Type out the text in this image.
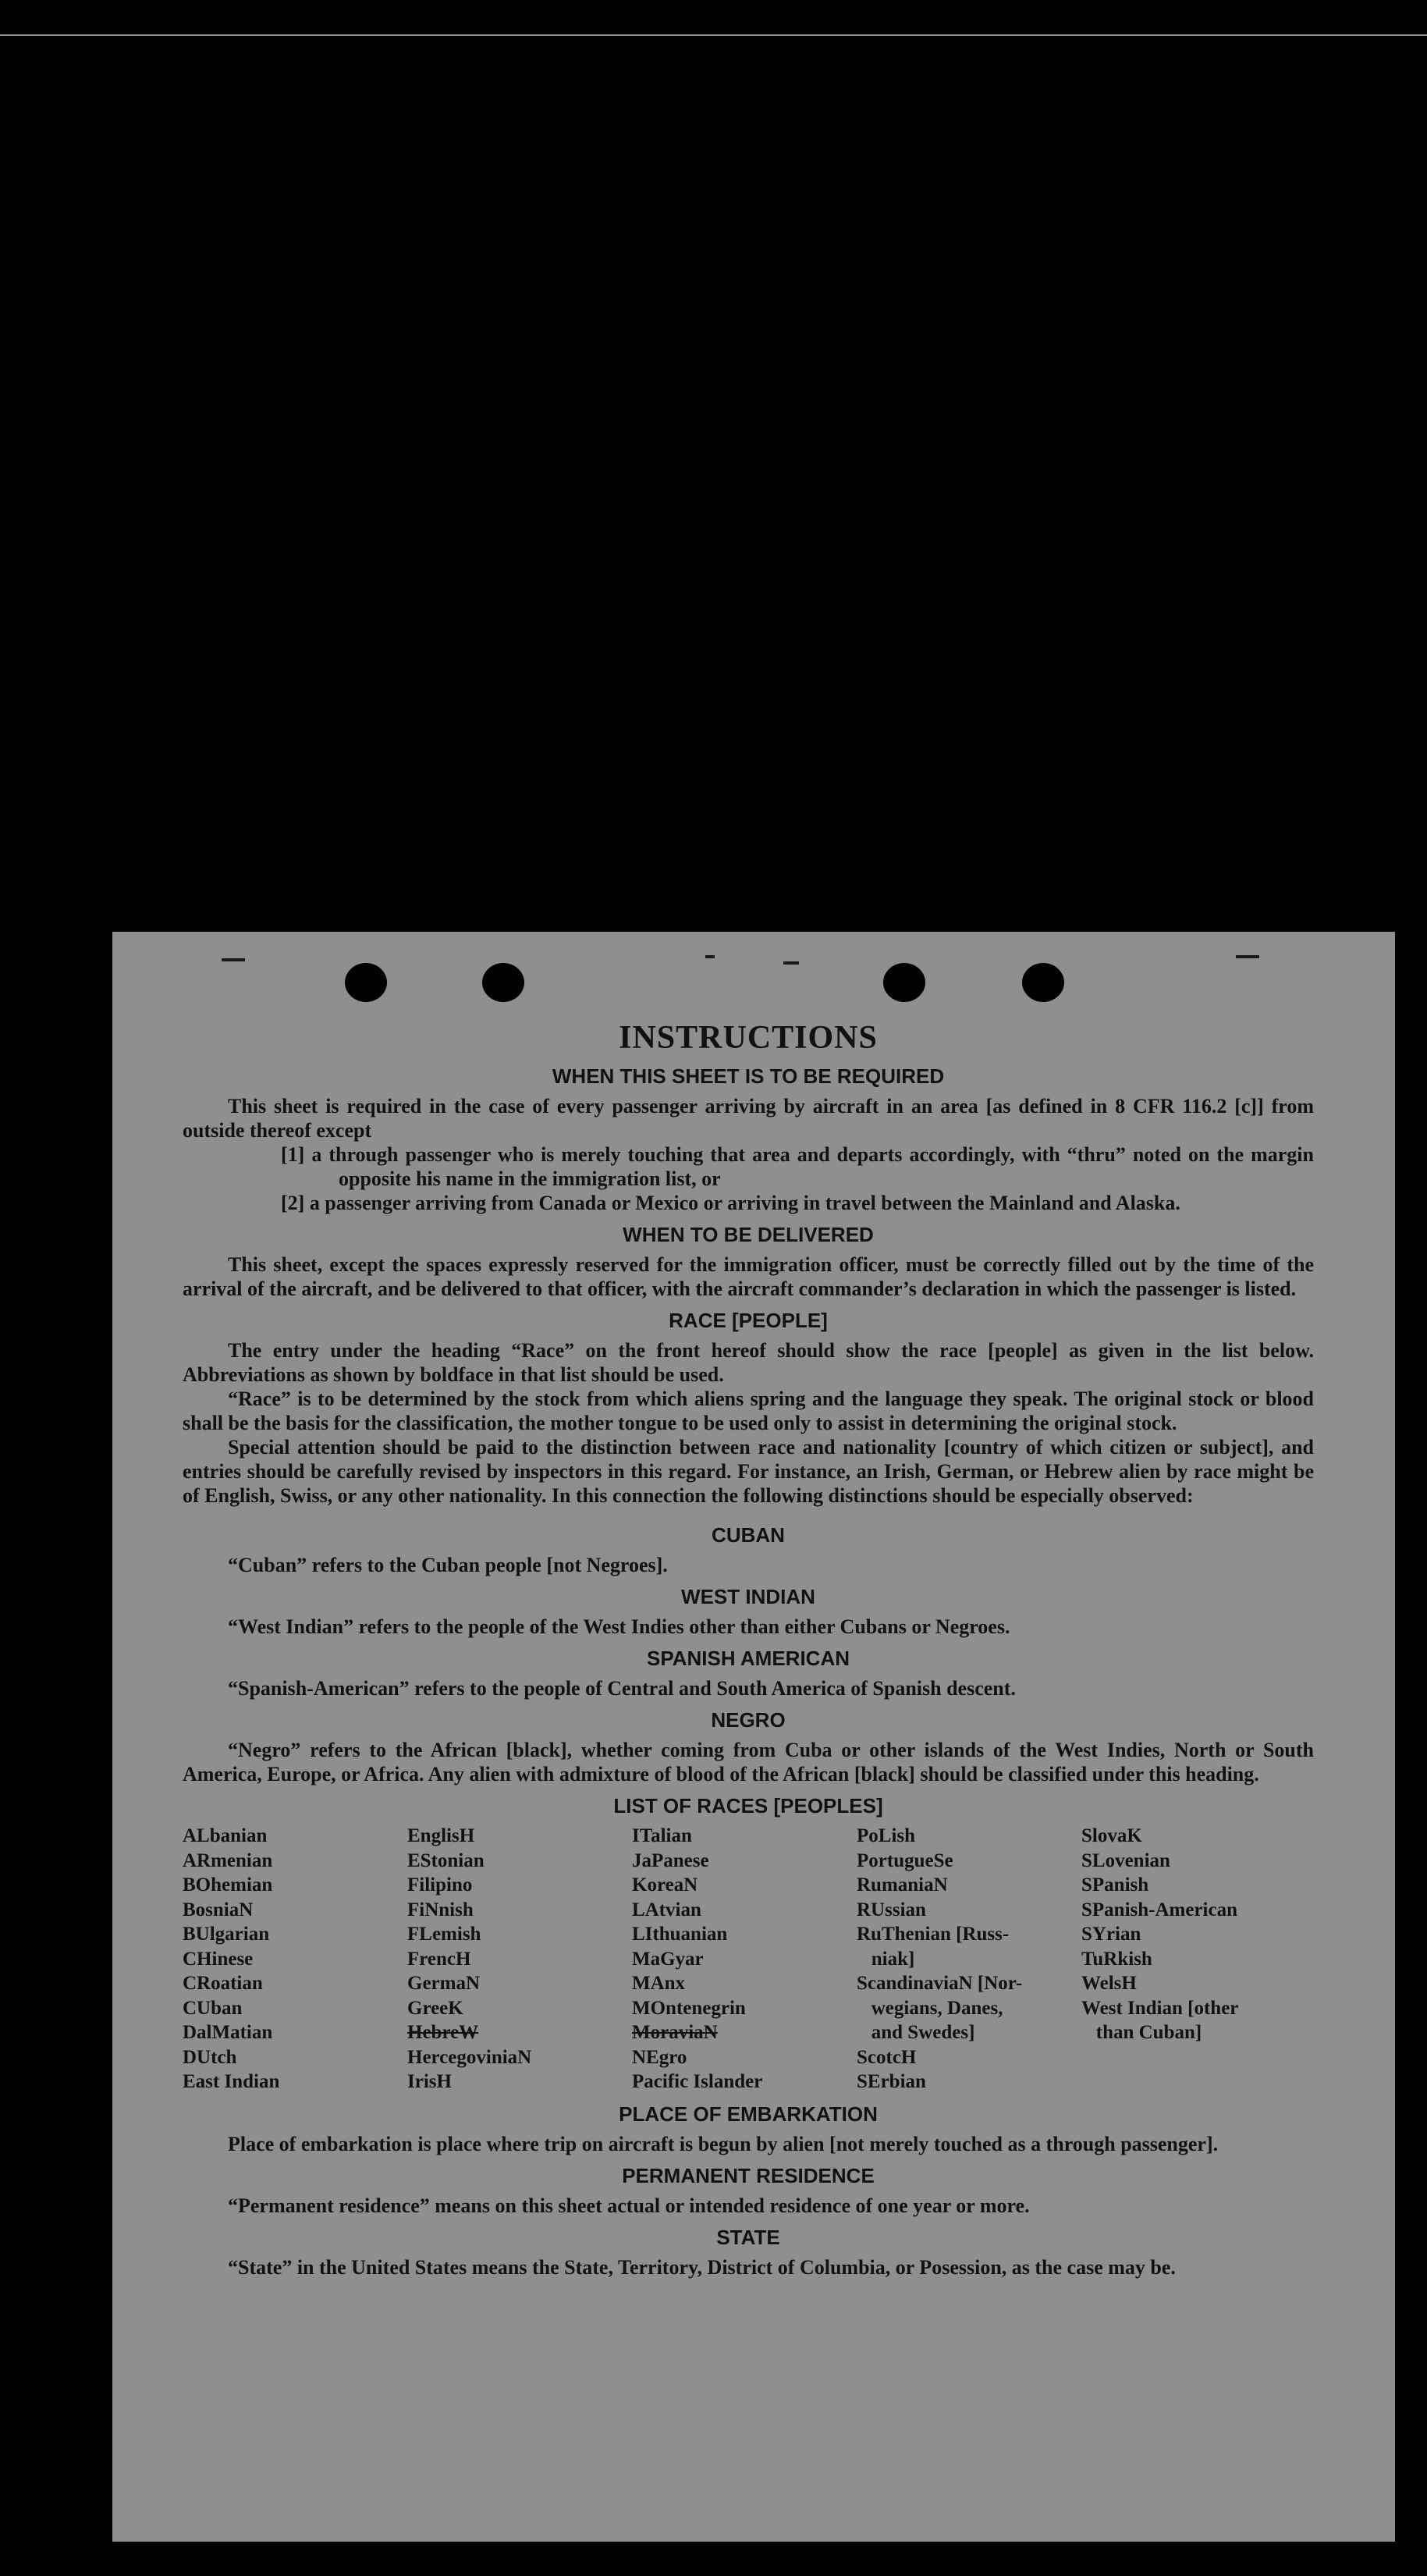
INSTRUCTIONS
WHEN THIS SHEET IS TO BE REQUIRED

This sheet is required in the case of every passenger arriving by aircraft in an area [as defined in 8 CFR 116.2 [c]] from outside thereof except

[1] a through passenger who is merely touching that area and departs accordingly, with “thru” noted on the margin opposite his name in the immigration list, or
[2] a passenger arriving from Canada or Mexico or arriving in travel between the Mainland and Alaska.
WHEN TO BE DELIVERED

This sheet, except the spaces expressly reserved for the immigration officer, must be correctly filled out by the time of the arrival of the aircraft, and be delivered to that officer, with the aircraft commander’s declaration in which the passenger is listed.

RACE [PEOPLE]

The entry under the heading “Race” on the front hereof should show the race [people] as given in the list below. Abbreviations as shown by boldface in that list should be used.

“Race” is to be determined by the stock from which aliens spring and the language they speak. The original stock or blood shall be the basis for the classification, the mother tongue to be used only to assist in determining the original stock.

Special attention should be paid to the distinction between race and nationality [country of which citizen or subject], and entries should be carefully revised by inspectors in this regard. For instance, an Irish, German, or Hebrew alien by race might be of English, Swiss, or any other nationality. In this connection the following distinctions should be especially observed:

CUBAN

“Cuban” refers to the Cuban people [not Negroes].

WEST INDIAN

“West Indian” refers to the people of the West Indies other than either Cubans or Negroes.

SPANISH AMERICAN

“Spanish-American” refers to the people of Central and South America of Spanish descent.

NEGRO

“Negro” refers to the African [black], whether coming from Cuba or other islands of the West Indies, North or South America, Europe, or Africa. Any alien with admixture of blood of the African [black] should be classified under this heading.

LIST OF RACES [PEOPLES]
ALbanian
ARmenian
BOhemian
BosniaN
BUlgarian
CHinese
CRoatian
CUban
DalMatian
DUtch
East Indian
EnglisH
EStonian
Filipino
FiNnish
FLemish
FrencH
GermaN
GreeK
HebreW
HercegoviniaN
IrisH
ITalian
JaPanese
KoreaN
LAtvian
LIthuanian
MaGyar
MAnx
MOntenegrin
MoraviaN
NEgro
Pacific Islander
PoLish
PortugueSe
RumaniaN
RUssian
RuThenian [Russ-
niak]
ScandinaviaN [Nor-
wegians, Danes,
and Swedes]
ScotcH
SErbian
SlovaK
SLovenian
SPanish
SPanish-American
SYrian
TuRkish
WelsH
West Indian [other
than Cuban]
PLACE OF EMBARKATION

Place of embarkation is place where trip on aircraft is begun by alien [not merely touched as a through passenger].

PERMANENT RESIDENCE

“Permanent residence” means on this sheet actual or intended residence of one year or more.

STATE

“State” in the United States means the State, Territory, District of Columbia, or Posession, as the case may be.
